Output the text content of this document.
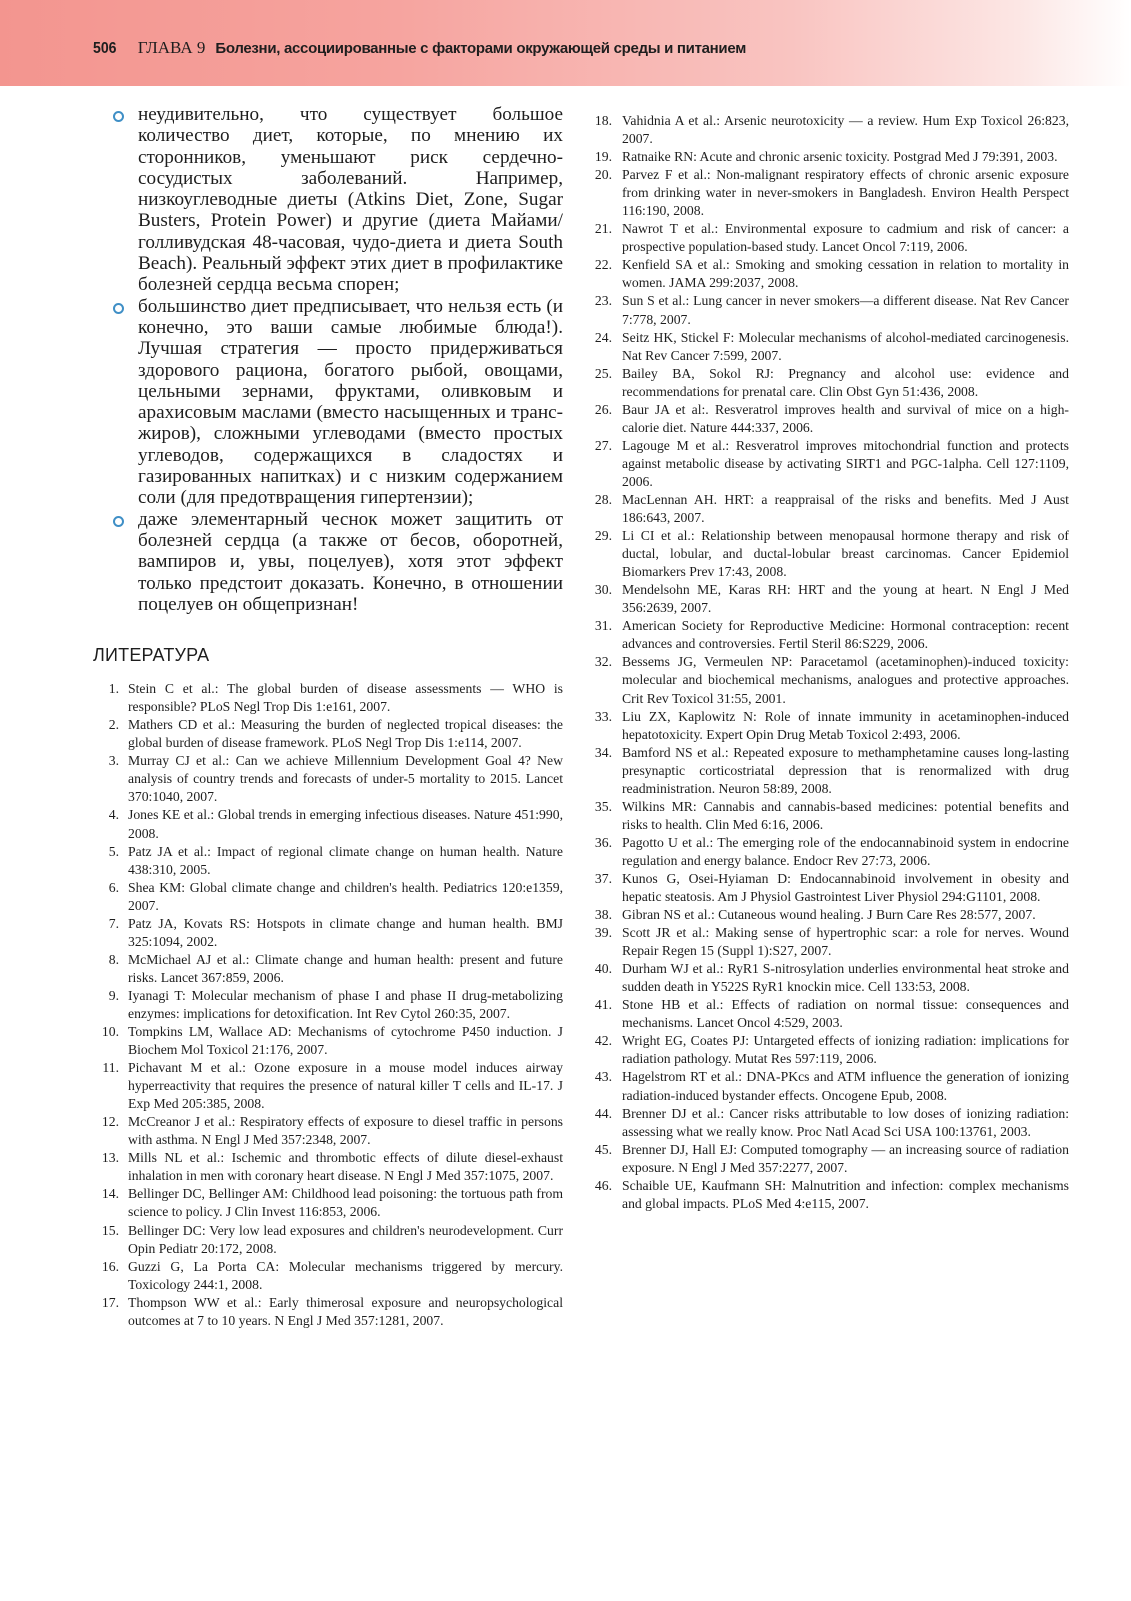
506 ГЛАВА 9 Болезни, ассоциированные с факторами окружающей среды и питанием
неудивительно, что существует большое количество диет, которые, по мнению их сторонников, уменьшают риск сердечно-сосудистых заболеваний. Например, низкоуглеводные диеты (Atkins Diet, Zone, Sugar Busters, Protein Power) и другие (диета Майами/голливудская 48-часовая, чудо-диета и диета South Beach). Реальный эффект этих диет в профилактике болезней сердца весьма спорен;
большинство диет предписывает, что нельзя есть (и конечно, это ваши самые любимые блюда!). Лучшая стратегия — просто придерживаться здорового рациона, богатого рыбой, овощами, цельными зернами, фруктами, оливковым и арахисовым маслами (вместо насыщенных и транс-жиров), сложными углеводами (вместо простых углеводов, содержащихся в сладостях и газированных напитках) и с низким содержанием соли (для предотвращения гипертензии);
даже элементарный чеснок может защитить от болезней сердца (а также от бесов, оборотней, вампиров и, увы, поцелуев), хотя этот эффект только предстоит доказать. Конечно, в отношении поцелуев он общепризнан!
ЛИТЕРАТУРА
1. Stein C et al.: The global burden of disease assessments — WHO is responsible? PLoS Negl Trop Dis 1:e161, 2007.
2. Mathers CD et al.: Measuring the burden of neglected tropical diseases: the global burden of disease framework. PLoS Negl Trop Dis 1:e114, 2007.
3. Murray CJ et al.: Can we achieve Millennium Development Goal 4? New analysis of country trends and forecasts of under-5 mortality to 2015. Lancet 370:1040, 2007.
4. Jones KE et al.: Global trends in emerging infectious diseases. Nature 451:990, 2008.
5. Patz JA et al.: Impact of regional climate change on human health. Nature 438:310, 2005.
6. Shea KM: Global climate change and children's health. Pediatrics 120:e1359, 2007.
7. Patz JA, Kovats RS: Hotspots in climate change and human health. BMJ 325:1094, 2002.
8. McMichael AJ et al.: Climate change and human health: present and future risks. Lancet 367:859, 2006.
9. Iyanagi T: Molecular mechanism of phase I and phase II drug-metabolizing enzymes: implications for detoxification. Int Rev Cytol 260:35, 2007.
10. Tompkins LM, Wallace AD: Mechanisms of cytochrome P450 induction. J Biochem Mol Toxicol 21:176, 2007.
11. Pichavant M et al.: Ozone exposure in a mouse model induces airway hyperreactivity that requires the presence of natural killer T cells and IL-17. J Exp Med 205:385, 2008.
12. McCreanor J et al.: Respiratory effects of exposure to diesel traffic in persons with asthma. N Engl J Med 357:2348, 2007.
13. Mills NL et al.: Ischemic and thrombotic effects of dilute diesel-exhaust inhalation in men with coronary heart disease. N Engl J Med 357:1075, 2007.
14. Bellinger DC, Bellinger AM: Childhood lead poisoning: the tortuous path from science to policy. J Clin Invest 116:853, 2006.
15. Bellinger DC: Very low lead exposures and children's neurodevelopment. Curr Opin Pediatr 20:172, 2008.
16. Guzzi G, La Porta CA: Molecular mechanisms triggered by mercury. Toxicology 244:1, 2008.
17. Thompson WW et al.: Early thimerosal exposure and neuropsychological outcomes at 7 to 10 years. N Engl J Med 357:1281, 2007.
18. Vahidnia A et al.: Arsenic neurotoxicity — a review. Hum Exp Toxicol 26:823, 2007.
19. Ratnaike RN: Acute and chronic arsenic toxicity. Postgrad Med J 79:391, 2003.
20. Parvez F et al.: Non-malignant respiratory effects of chronic arsenic exposure from drinking water in never-smokers in Bangladesh. Environ Health Perspect 116:190, 2008.
21. Nawrot T et al.: Environmental exposure to cadmium and risk of cancer: a prospective population-based study. Lancet Oncol 7:119, 2006.
22. Kenfield SA et al.: Smoking and smoking cessation in relation to mortality in women. JAMA 299:2037, 2008.
23. Sun S et al.: Lung cancer in never smokers—a different disease. Nat Rev Cancer 7:778, 2007.
24. Seitz HK, Stickel F: Molecular mechanisms of alcohol-mediated carcinogenesis. Nat Rev Cancer 7:599, 2007.
25. Bailey BA, Sokol RJ: Pregnancy and alcohol use: evidence and recommendations for prenatal care. Clin Obst Gyn 51:436, 2008.
26. Baur JA et al:. Resveratrol improves health and survival of mice on a high-calorie diet. Nature 444:337, 2006.
27. Lagouge M et al.: Resveratrol improves mitochondrial function and protects against metabolic disease by activating SIRT1 and PGC-1alpha. Cell 127:1109, 2006.
28. MacLennan AH. HRT: a reappraisal of the risks and benefits. Med J Aust 186:643, 2007.
29. Li CI et al.: Relationship between menopausal hormone therapy and risk of ductal, lobular, and ductal-lobular breast carcinomas. Cancer Epidemiol Biomarkers Prev 17:43, 2008.
30. Mendelsohn ME, Karas RH: HRT and the young at heart. N Engl J Med 356:2639, 2007.
31. American Society for Reproductive Medicine: Hormonal contraception: recent advances and controversies. Fertil Steril 86:S229, 2006.
32. Bessems JG, Vermeulen NP: Paracetamol (acetaminophen)-induced toxicity: molecular and biochemical mechanisms, analogues and protective approaches. Crit Rev Toxicol 31:55, 2001.
33. Liu ZX, Kaplowitz N: Role of innate immunity in acetaminophen-induced hepatotoxicity. Expert Opin Drug Metab Toxicol 2:493, 2006.
34. Bamford NS et al.: Repeated exposure to methamphetamine causes long-lasting presynaptic corticostriatal depression that is renormalized with drug readministration. Neuron 58:89, 2008.
35. Wilkins MR: Cannabis and cannabis-based medicines: potential benefits and risks to health. Clin Med 6:16, 2006.
36. Pagotto U et al.: The emerging role of the endocannabinoid system in endocrine regulation and energy balance. Endocr Rev 27:73, 2006.
37. Kunos G, Osei-Hyiaman D: Endocannabinoid involvement in obesity and hepatic steatosis. Am J Physiol Gastrointest Liver Physiol 294:G1101, 2008.
38. Gibran NS et al.: Cutaneous wound healing. J Burn Care Res 28:577, 2007.
39. Scott JR et al.: Making sense of hypertrophic scar: a role for nerves. Wound Repair Regen 15 (Suppl 1):S27, 2007.
40. Durham WJ et al.: RyR1 S-nitrosylation underlies environmental heat stroke and sudden death in Y522S RyR1 knockin mice. Cell 133:53, 2008.
41. Stone HB et al.: Effects of radiation on normal tissue: consequences and mechanisms. Lancet Oncol 4:529, 2003.
42. Wright EG, Coates PJ: Untargeted effects of ionizing radiation: implications for radiation pathology. Mutat Res 597:119, 2006.
43. Hagelstrom RT et al.: DNA-PKcs and ATM influence the generation of ionizing radiation-induced bystander effects. Oncogene Epub, 2008.
44. Brenner DJ et al.: Cancer risks attributable to low doses of ionizing radiation: assessing what we really know. Proc Natl Acad Sci USA 100:13761, 2003.
45. Brenner DJ, Hall EJ: Computed tomography — an increasing source of radiation exposure. N Engl J Med 357:2277, 2007.
46. Schaible UE, Kaufmann SH: Malnutrition and infection: complex mechanisms and global impacts. PLoS Med 4:e115, 2007.
